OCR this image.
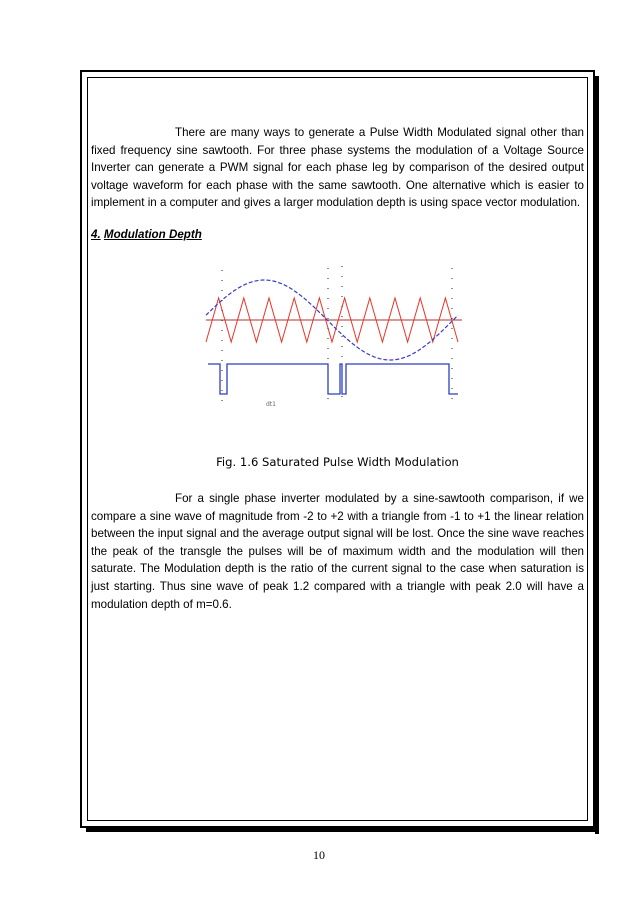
There are many ways to generate a Pulse Width Modulated signal other than fixed frequency sine sawtooth. For three phase systems the modulation of a Voltage Source Inverter can generate a PWM signal for each phase leg by comparison of the desired output voltage waveform for each phase with the same sawtooth. One alternative which is easier to implement in a computer and gives a larger modulation depth is using space vector modulation.

4. Modulation Depth

dt1
Fig. 1.6 Saturated Pulse Width Modulation

For a single phase inverter modulated by a sine-sawtooth comparison, if we compare a sine wave of magnitude from -2 to +2 with a triangle from -1 to +1 the linear relation between the input signal and the average output signal will be lost. Once the sine wave reaches the peak of the transgle the pulses will be of maximum width and the modulation will then saturate. The Modulation depth is the ratio of the current signal to the case when saturation is just starting. Thus sine wave of peak 1.2 compared with a triangle with peak 2.0 will have a modulation depth of m=0.6.

10
